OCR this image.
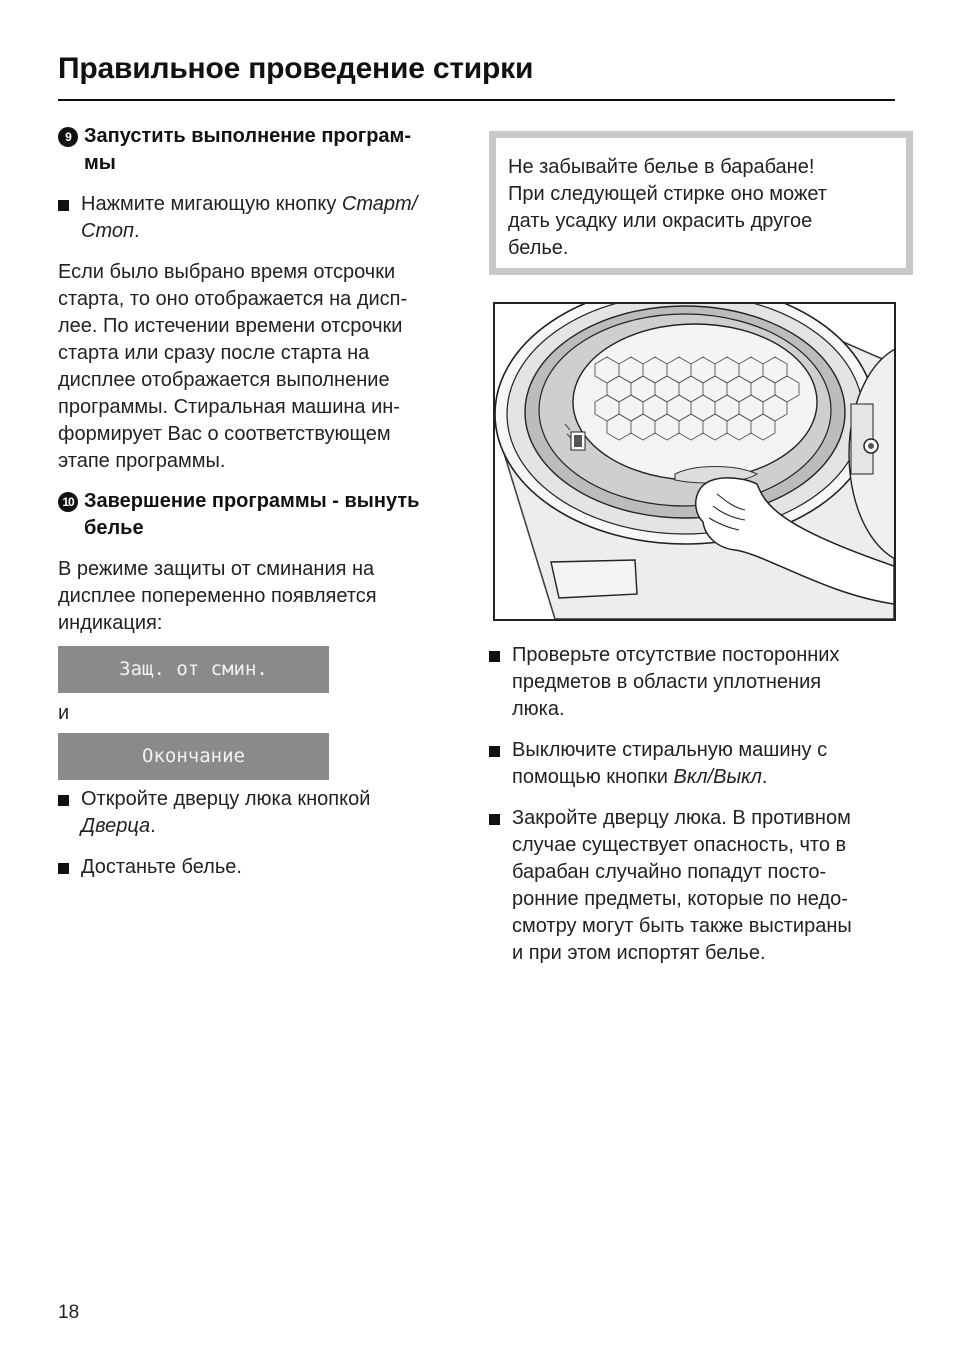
Правильное проведение стирки
9 Запустить выполнение програм-
мы
Нажмите мигающую кнопку Старт/
Стоп.
Если было выбрано время отсрочки
старта, то оно отображается на дисп-
лее. По истечении времени отсрочки
старта или сразу после старта на
дисплее отображается выполнение
программы. Стиральная машина ин-
формирует Вас о соответствующем
этапе программы.
10 Завершение программы - вынуть
белье
В режиме защиты от сминания на
дисплее попеременно появляется
индикация:
Защ. от смин.
и
Окончание
Откройте дверцу люка кнопкой
Дверца.
Достаньте белье.
Не забывайте белье в барабане!
При следующей стирке оно может
дать усадку или окрасить другое
белье.
Проверьте отсутствие посторонних
предметов в области уплотнения
люка.
Выключите стиральную машину с
помощью кнопки Вкл/Выкл.
Закройте дверцу люка. В противном
случае существует опасность, что в
барабан случайно попадут посто-
ронние предметы, которые по недо-
смотру могут быть также выстираны
и при этом испортят белье.
18
